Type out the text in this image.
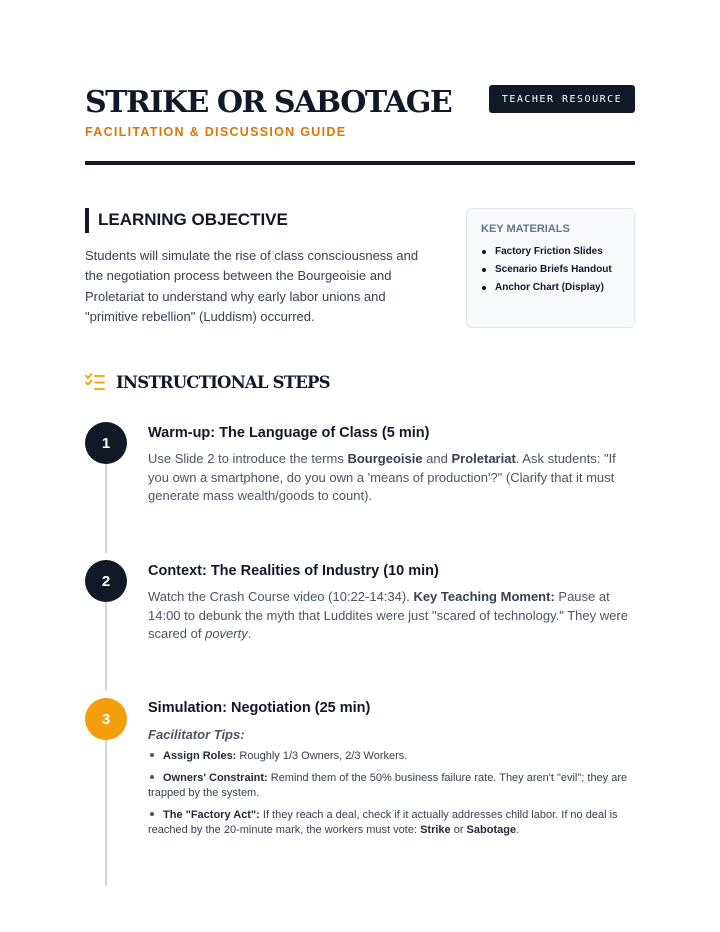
STRIKE OR SABOTAGE
FACILITATION & DISCUSSION GUIDE
TEACHER RESOURCE
LEARNING OBJECTIVE

Students will simulate the rise of class consciousness and the negotiation process between the Bourgeoisie and Proletariat to understand why early labor unions and "primitive rebellion" (Luddism) occurred.

KEY MATERIALS
Factory Friction Slides
Scenario Briefs Handout
Anchor Chart (Display)
INSTRUCTIONAL STEPS
1
Warm-up: The Language of Class (5 min)

Use Slide 2 to introduce the terms Bourgeoisie and Proletariat. Ask students: "If you own a smartphone, do you own a 'means of production'?" (Clarify that it must generate mass wealth/goods to count).

2
Context: The Realities of Industry (10 min)

Watch the Crash Course video (10:22-14:34). Key Teaching Moment: Pause at 14:00 to debunk the myth that Luddites were just "scared of technology." They were scared of poverty.

3
Simulation: Negotiation (25 min)
Facilitator Tips:
Assign Roles: Roughly 1/3 Owners, 2/3 Workers.
Owners' Constraint: Remind them of the 50% business failure rate. They aren't "evil"; they are trapped by the system.
The "Factory Act": If they reach a deal, check if it actually addresses child labor. If no deal is reached by the 20-minute mark, the workers must vote: Strike or Sabotage.
